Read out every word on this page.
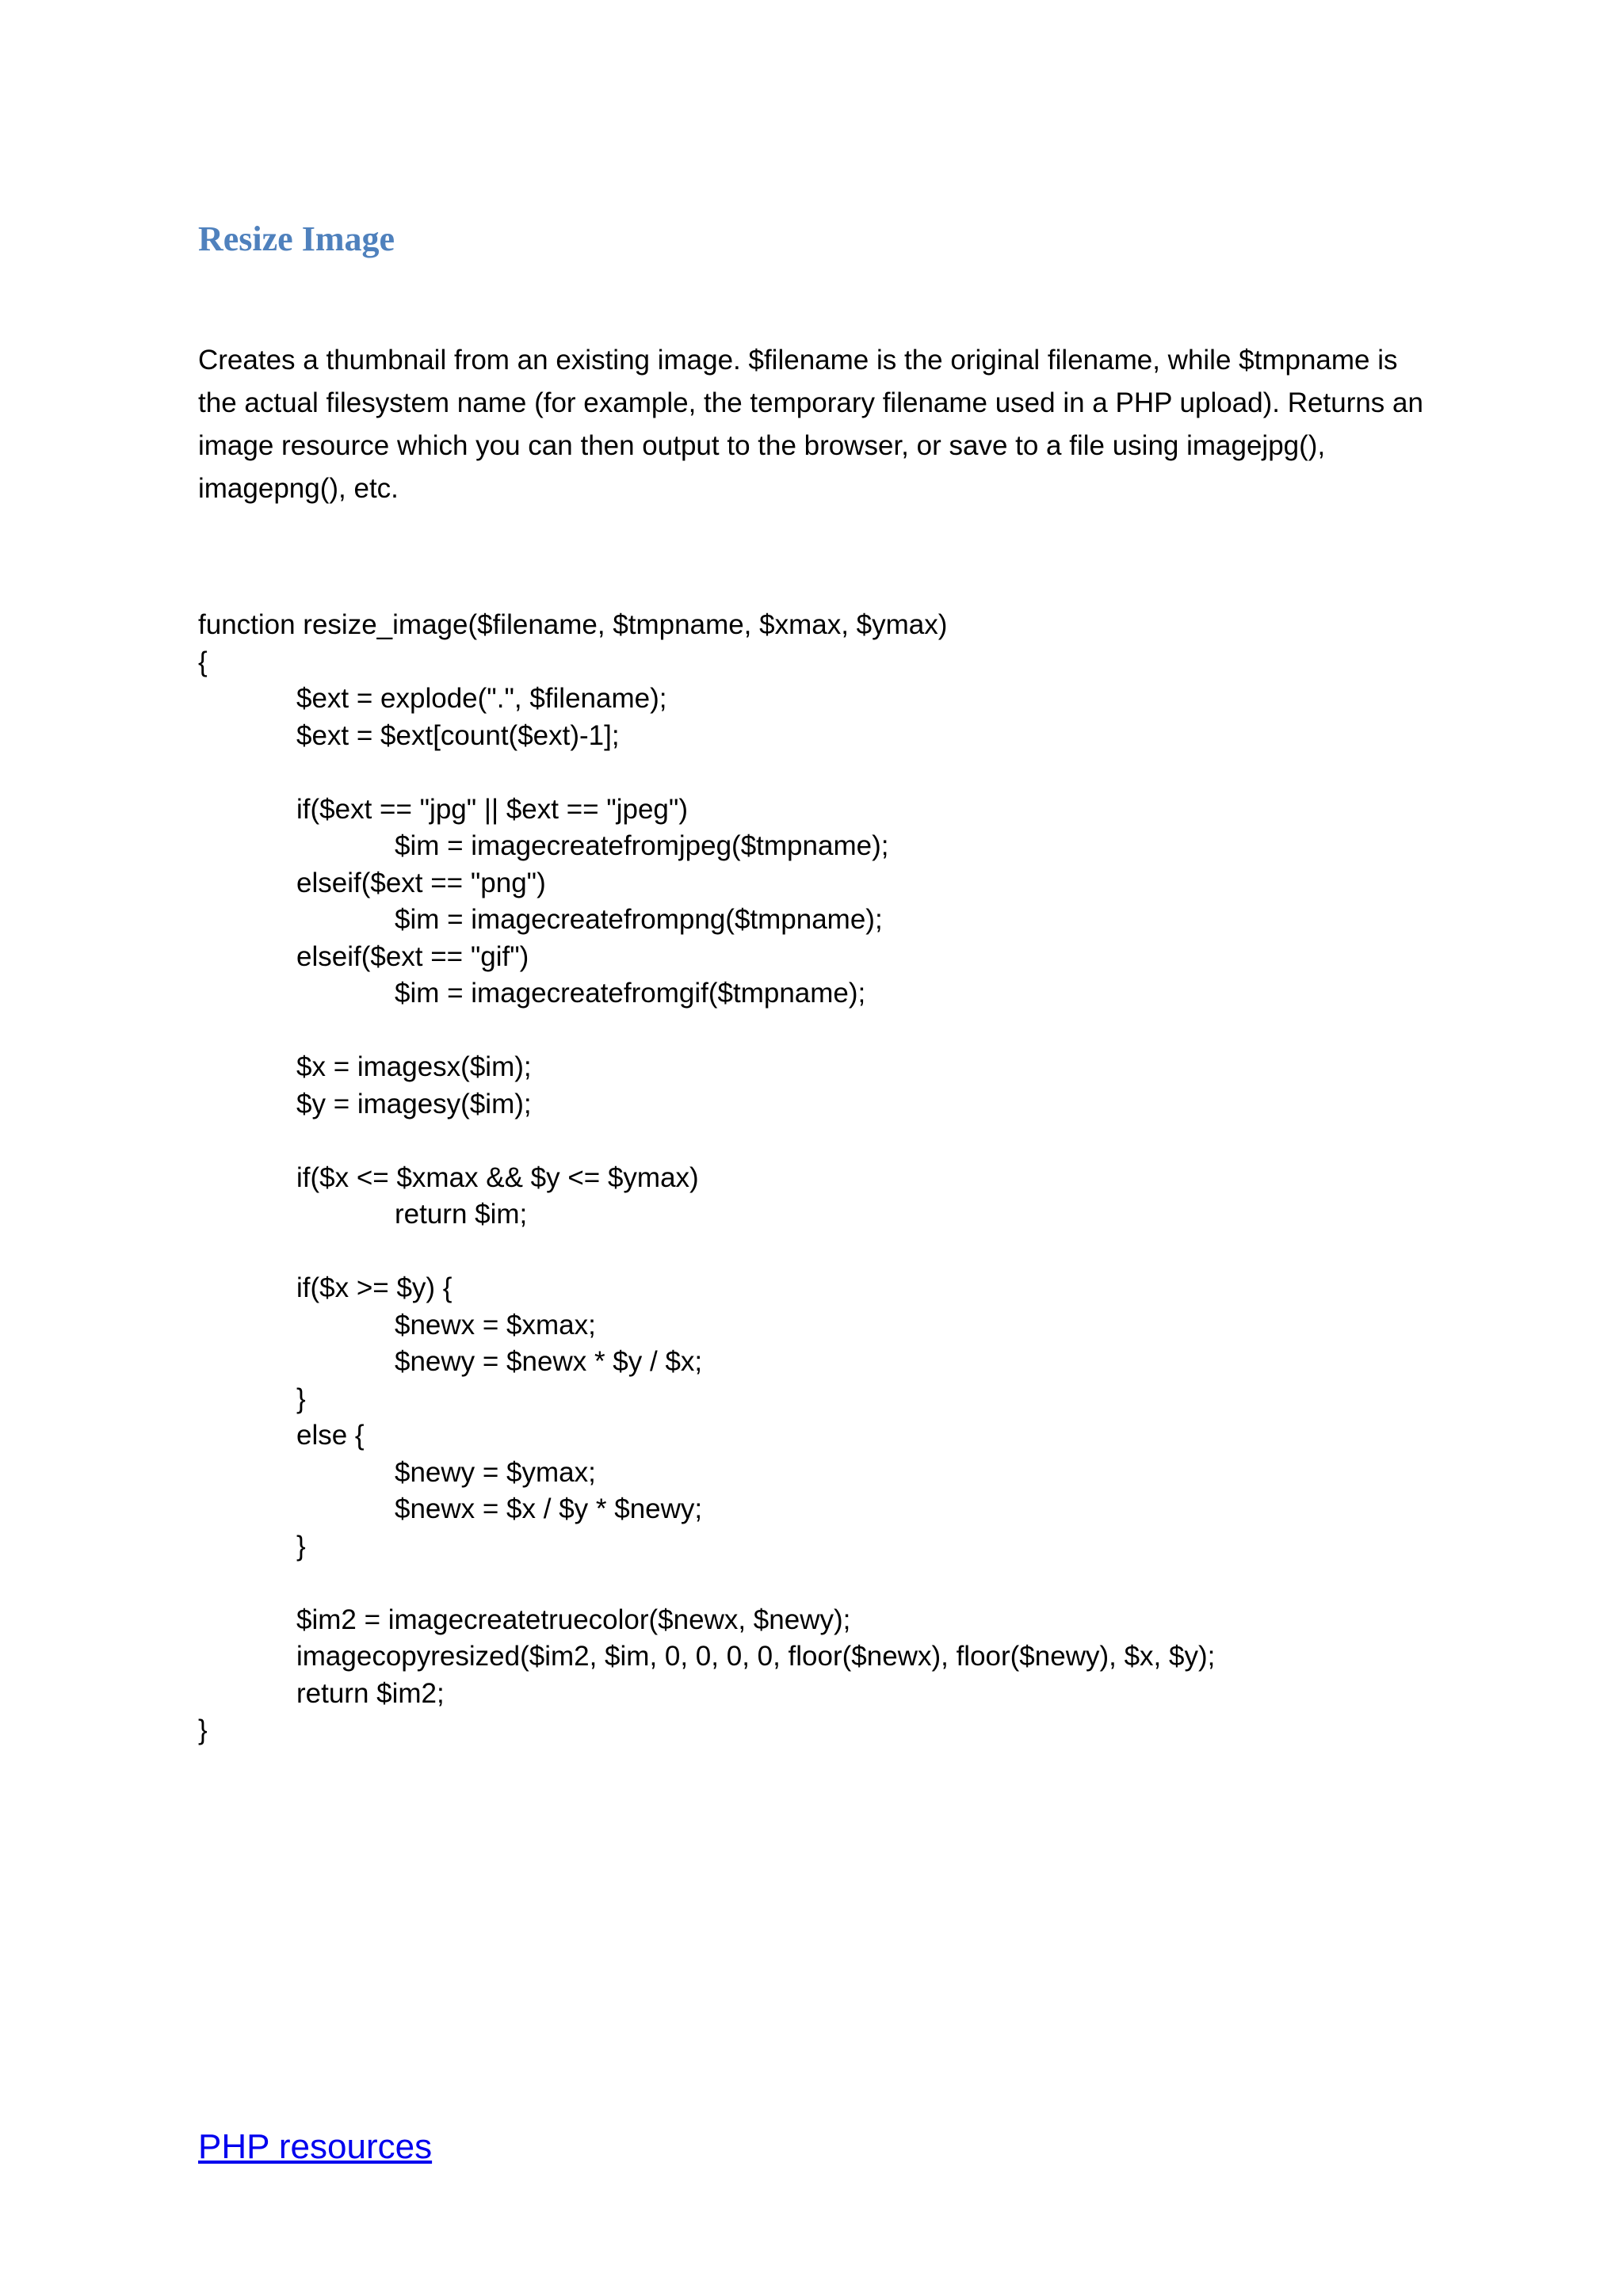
Resize Image

Creates a thumbnail from an existing image. $filename is the original filename, while $tmpname is the actual filesystem name (for example, the temporary filename used in a PHP upload). Returns an image resource which you can then output to the browser, or save to a file using imagejpg(), imagepng(), etc.

function resize_image($filename, $tmpname, $xmax, $ymax)
{
$ext = explode(".", $filename);
$ext = $ext[count($ext)-1];
if($ext == "jpg" || $ext == "jpeg")
$im = imagecreatefromjpeg($tmpname);
elseif($ext == "png")
$im = imagecreatefrompng($tmpname);
elseif($ext == "gif")
$im = imagecreatefromgif($tmpname);
$x = imagesx($im);
$y = imagesy($im);
if($x <= $xmax && $y <= $ymax)
return $im;
if($x >= $y) {
$newx = $xmax;
$newy = $newx * $y / $x;
}
else {
$newy = $ymax;
$newx = $x / $y * $newy;
}
$im2 = imagecreatetruecolor($newx, $newy);
imagecopyresized($im2, $im, 0, 0, 0, 0, floor($newx), floor($newy), $x, $y);
return $im2;
}
PHP resources
